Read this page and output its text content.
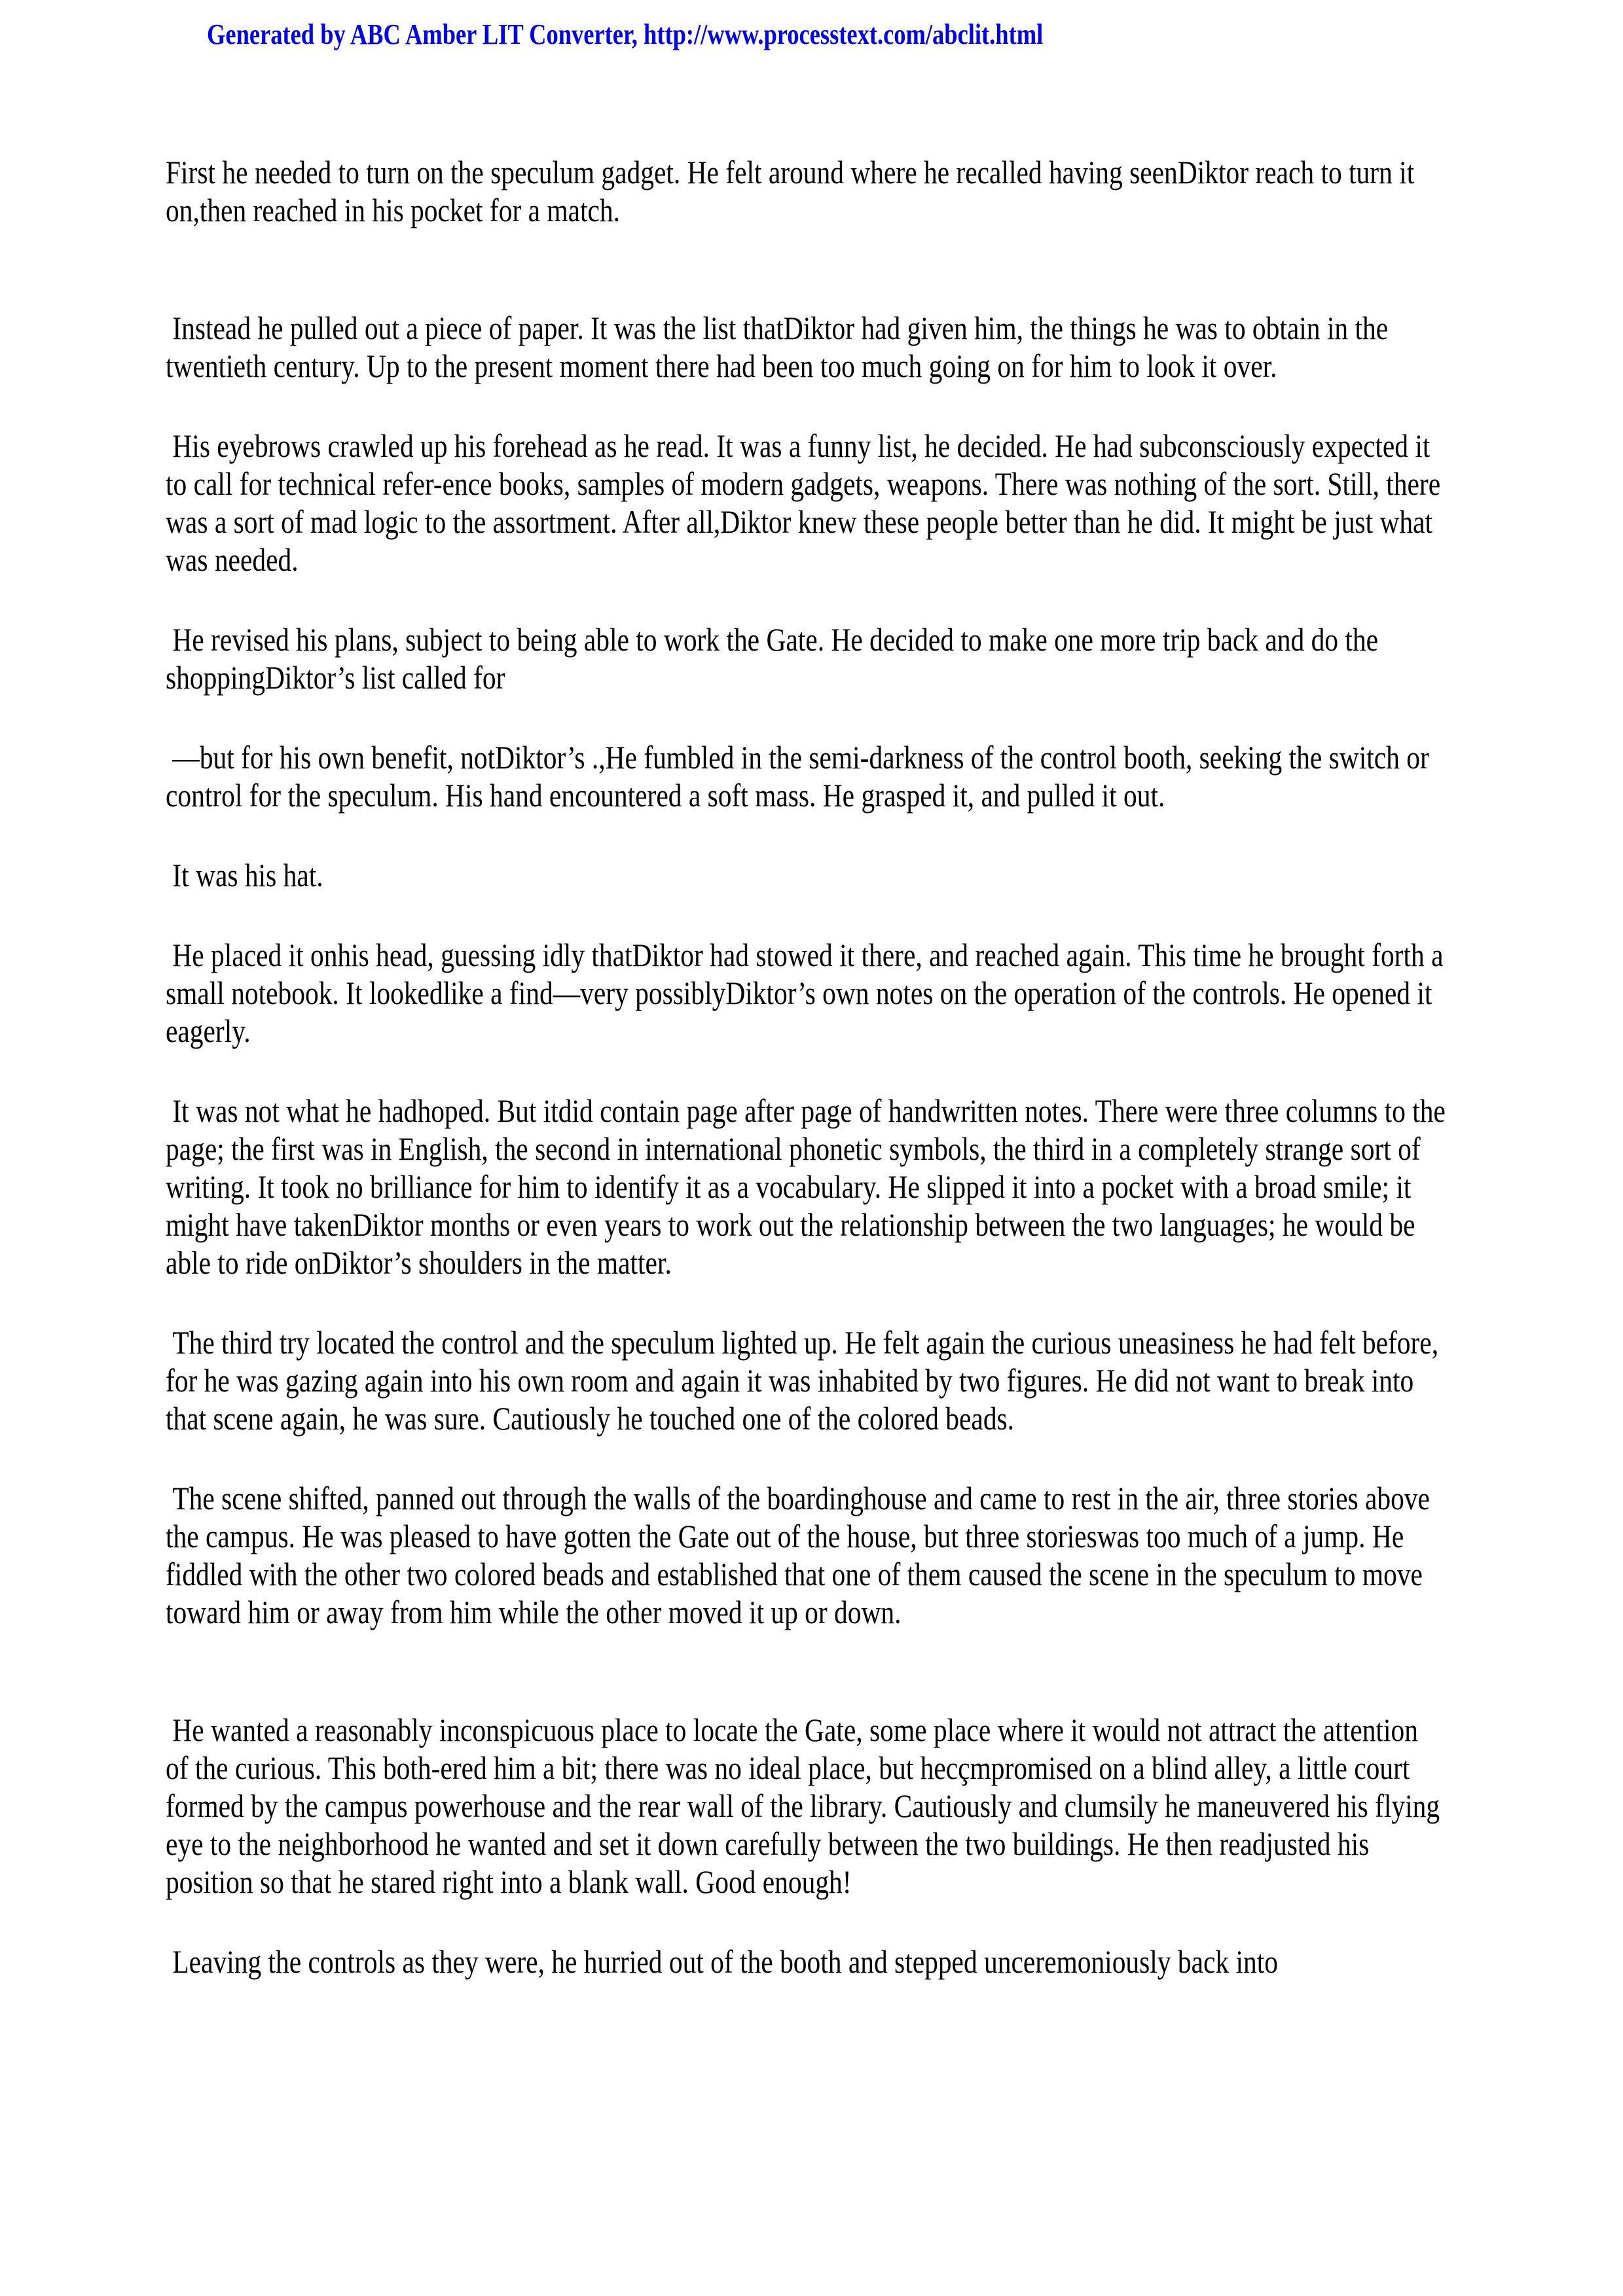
Generated by ABC Amber LIT Converter, http://www.processtext.com/abclit.html

First he needed to turn on the speculum gadget. He felt around where he recalled having seenDiktor reach to turn it on,then reached in his pocket for a match.

Instead he pulled out a piece of paper. It was the list thatDiktor had given him, the things he was to obtain in the twentieth century. Up to the present moment there had been too much going on for him to look it over.

His eyebrows crawled up his forehead as he read. It was a funny list, he decided. He had subconsciously expected it to call for technical refer-ence books, samples of modern gadgets, weapons. There was nothing of the sort. Still, there was a sort of mad logic to the assortment. After all,Diktor knew these people better than he did. It might be just what was needed.

He revised his plans, subject to being able to work the Gate. He decided to make one more trip back and do the shoppingDiktor’s list called for

—but for his own benefit, notDiktor’s .,He fumbled in the semi-darkness of the control booth, seeking the switch or control for the speculum. His hand encountered a soft mass. He grasped it, and pulled it out.

It was his hat.

He placed it onhis head, guessing idly thatDiktor had stowed it there, and reached again. This time he brought forth a small notebook. It lookedlike a find—very possiblyDiktor’s own notes on the operation of the controls. He opened it eagerly.

It was not what he hadhoped. But itdid contain page after page of handwritten notes. There were three columns to the page; the first was in English, the second in international phonetic symbols, the third in a completely strange sort of writing. It took no brilliance for him to identify it as a vocabulary. He slipped it into a pocket with a broad smile; it might have takenDiktor months or even years to work out the relationship between the two languages; he would be able to ride onDiktor’s shoulders in the matter.

The third try located the control and the speculum lighted up. He felt again the curious uneasiness he had felt before, for he was gazing again into his own room and again it was inhabited by two figures. He did not want to break into that scene again, he was sure. Cautiously he touched one of the colored beads.

The scene shifted, panned out through the walls of the boardinghouse and came to rest in the air, three stories above the campus. He was pleased to have gotten the Gate out of the house, but three storieswas too much of a jump. He fiddled with the other two colored beads and established that one of them caused the scene in the speculum to move toward him or away from him while the other moved it up or down.

He wanted a reasonably inconspicuous place to locate the Gate, some place where it would not attract the attention of the curious. This both-ered him a bit; there was no ideal place, but hecçmpromised on a blind alley, a little court formed by the campus powerhouse and the rear wall of the library. Cautiously and clumsily he maneuvered his flying eye to the neighborhood he wanted and set it down carefully between the two buildings. He then readjusted his position so that he stared right into a blank wall. Good enough!

Leaving the controls as they were, he hurried out of the booth and stepped unceremoniously back into
